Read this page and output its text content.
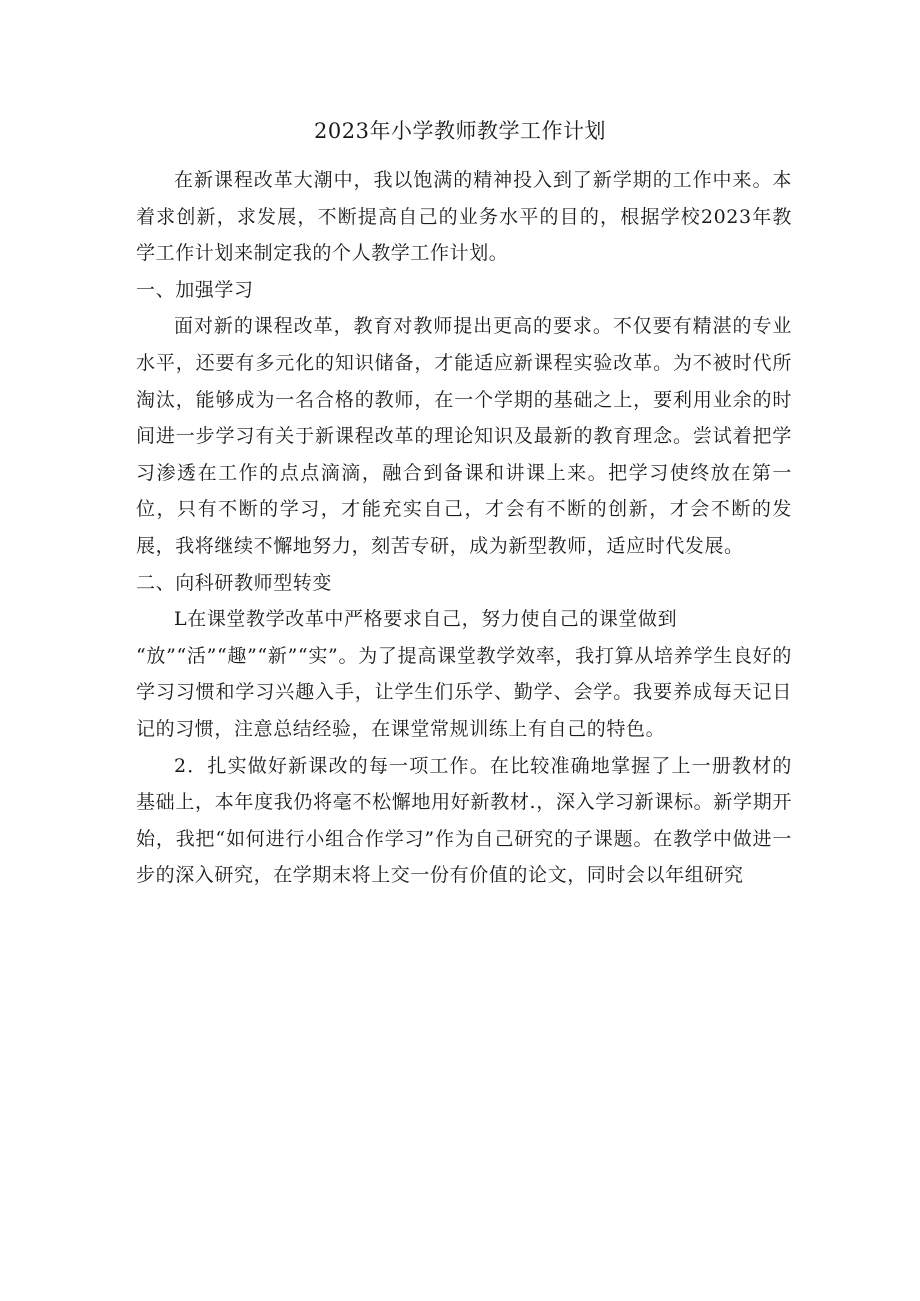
2023年小学教师教学工作计划

在新课程改革大潮中，我以饱满的精神投入到了新学期的工作中来。本着求创新，求发展，不断提高自己的业务水平的目的，根据学校2023年教学工作计划来制定我的个人教学工作计划。

一、加强学习

面对新的课程改革，教育对教师提出更高的要求。不仅要有精湛的专业水平，还要有多元化的知识储备，才能适应新课程实验改革。为不被时代所淘汰，能够成为一名合格的教师，在一个学期的基础之上，要利用业余的时间进一步学习有关于新课程改革的理论知识及最新的教育理念。尝试着把学习渗透在工作的点点滴滴，融合到备课和讲课上来。把学习使终放在第一位，只有不断的学习，才能充实自己，才会有不断的创新，才会不断的发展，我将继续不懈地努力，刻苦专研，成为新型教师，适应时代发展。

二、向科研教师型转变

L在课堂教学改革中严格要求自己，努力使自己的课堂做到

“放”“活”“趣”“新”“实”。为了提高课堂教学效率，我打算从培养学生良好的学习习惯和学习兴趣入手，让学生们乐学、勤学、会学。我要养成每天记日记的习惯，注意总结经验，在课堂常规训练上有自己的特色。

2．扎实做好新课改的每一项工作。在比较准确地掌握了上一册教材的基础上，本年度我仍将毫不松懈地用好新教材.，深入学习新课标。新学期开始，我把“如何进行小组合作学习”作为自己研究的子课题。在教学中做进一步的深入研究，在学期末将上交一份有价值的论文，同时会以年组研究
